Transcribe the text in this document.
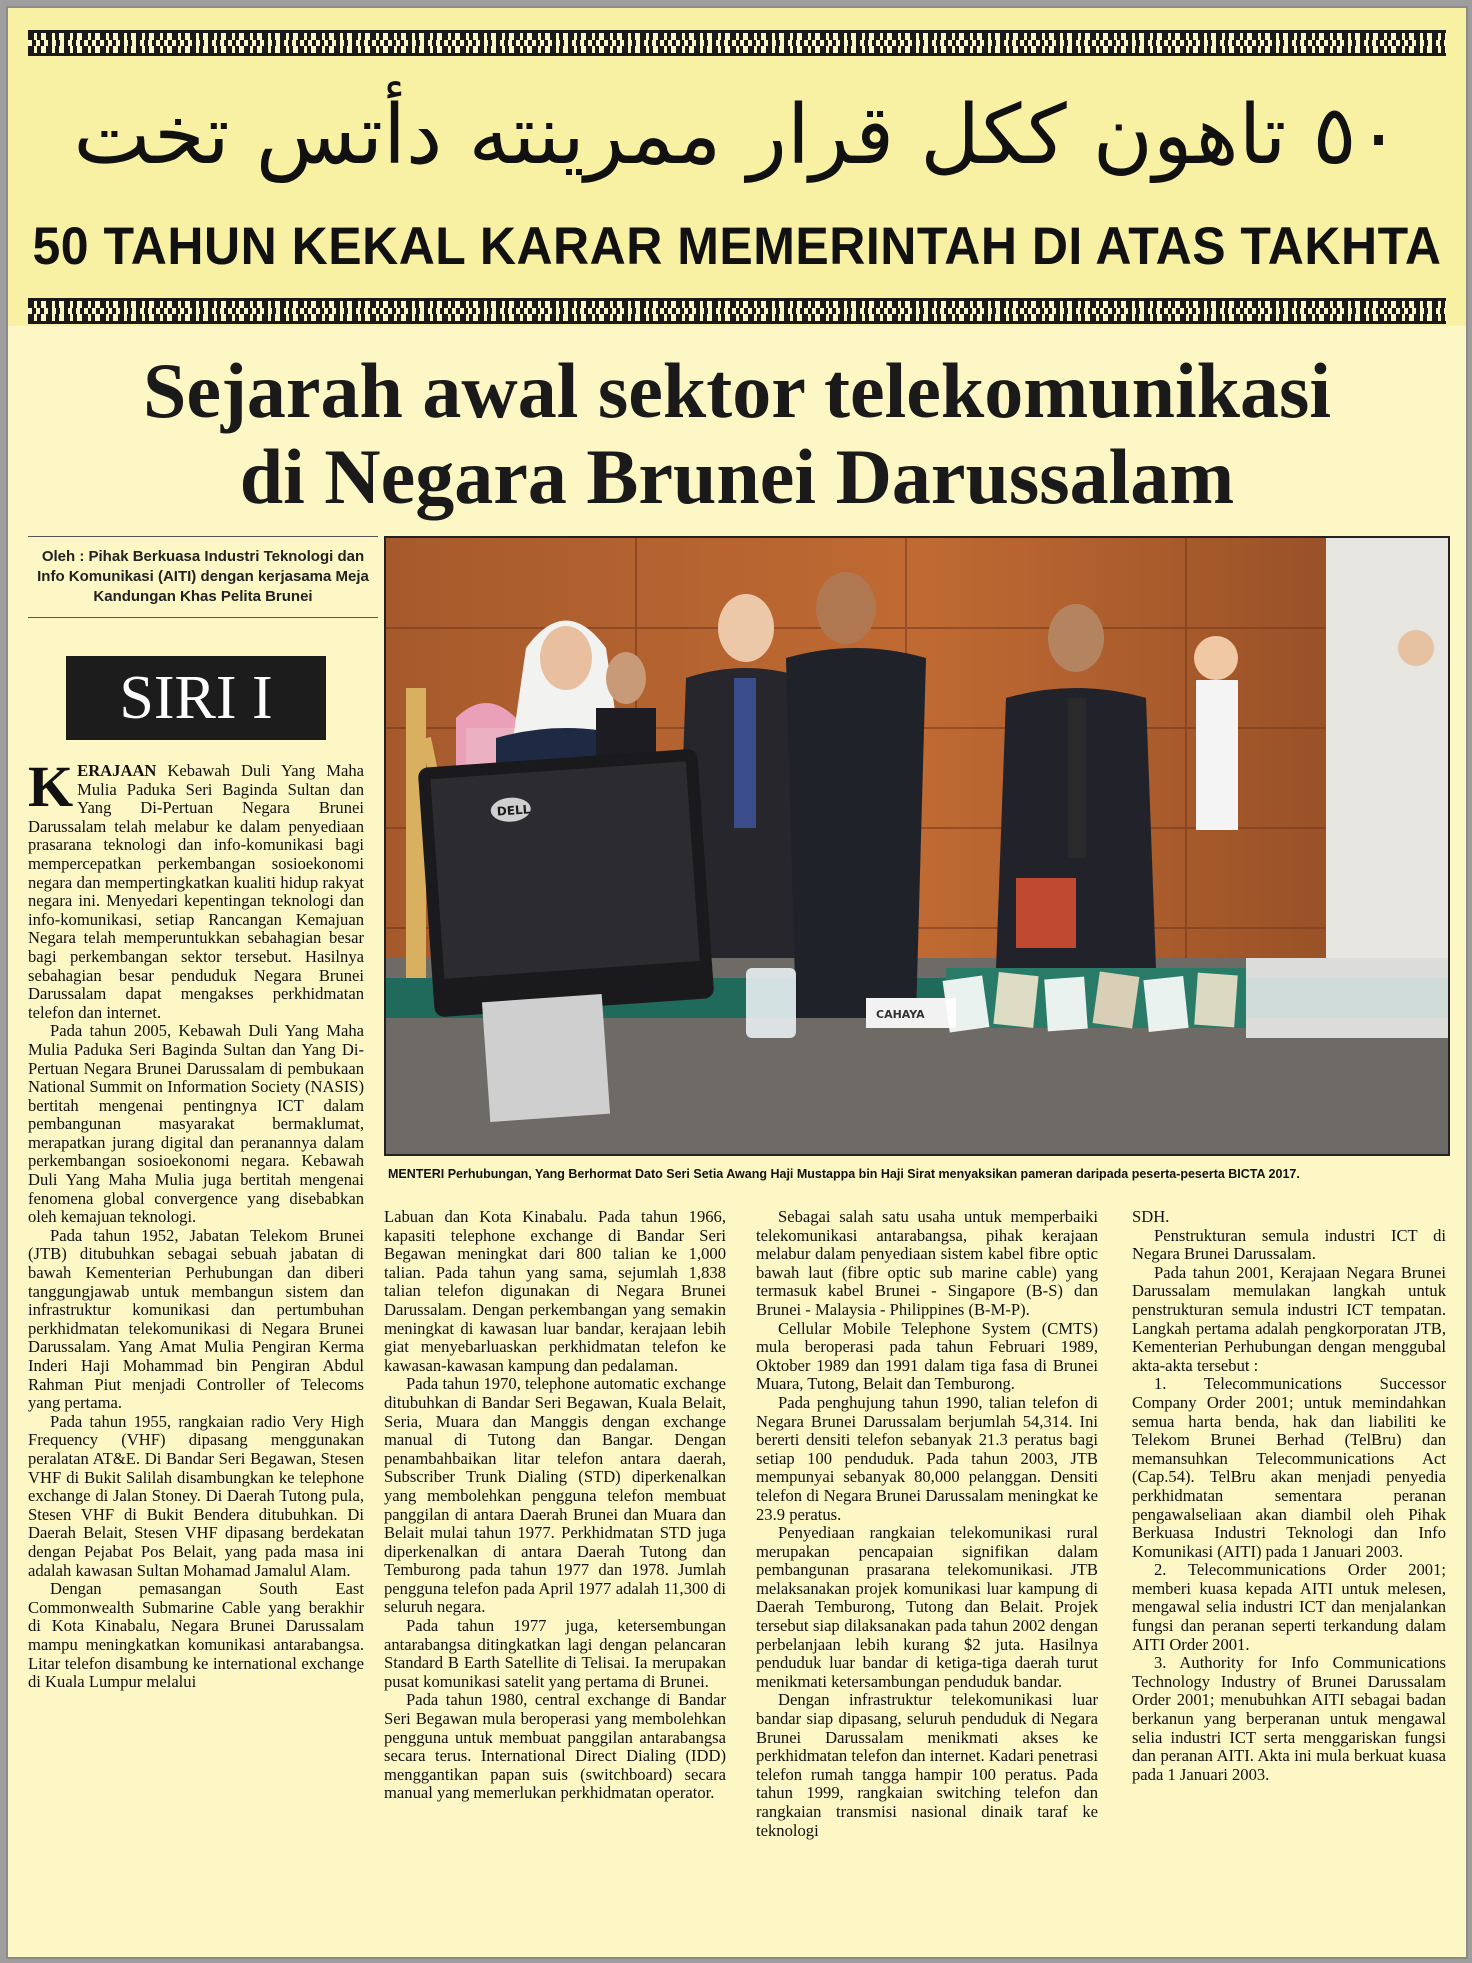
٥٠ تاهون ككل قرار ممرينته دأتس تخت
50 TAHUN KEKAL KARAR MEMERINTAH DI ATAS TAKHTA
Sejarah awal sektor telekomunikasi
di Negara Brunei Darussalam
Oleh : Pihak Berkuasa Industri Teknologi dan Info Komunikasi (AITI) dengan kerjasama Meja Kandungan Khas Pelita Brunei
SIRI I
DELL
CAHAYA
MENTERI Perhubungan, Yang Berhormat Dato Seri Setia Awang Haji Mustappa bin Haji Sirat menyaksikan pameran daripada peserta-peserta BICTA 2017.

KERAJAAN Kebawah Duli Yang Maha Mulia Paduka Seri Baginda Sultan dan Yang Di-Pertuan Negara Brunei Darussalam telah melabur ke dalam penyediaan prasarana teknologi dan info-komunikasi bagi mempercepatkan perkembangan sosioekonomi negara dan mempertingkatkan kualiti hidup rakyat negara ini. Menyedari kepentingan teknologi dan info-komunikasi, setiap Rancangan Kemajuan Negara telah memperuntukkan sebahagian besar bagi perkembangan sektor tersebut. Hasilnya sebahagian besar penduduk Negara Brunei Darussalam dapat mengakses perkhidmatan telefon dan internet.

Pada tahun 2005, Kebawah Duli Yang Maha Mulia Paduka Seri Baginda Sultan dan Yang Di-Pertuan Negara Brunei Darussalam di pembukaan National Summit on Information Society (NASIS) bertitah mengenai pentingnya ICT dalam pembangunan masyarakat bermaklumat, merapatkan jurang digital dan peranannya dalam perkembangan sosioekonomi negara. Kebawah Duli Yang Maha Mulia juga bertitah mengenai fenomena global convergence yang disebabkan oleh kemajuan teknologi.

Pada tahun 1952, Jabatan Telekom Brunei (JTB) ditubuhkan sebagai sebuah jabatan di bawah Kementerian Perhubungan dan diberi tanggungjawab untuk membangun sistem dan infrastruktur komunikasi dan pertumbuhan perkhidmatan telekomunikasi di Negara Brunei Darussalam. Yang Amat Mulia Pengiran Kerma Inderi Haji Mohammad bin Pengiran Abdul Rahman Piut menjadi Controller of Telecoms yang pertama.

Pada tahun 1955, rangkaian radio Very High Frequency (VHF) dipasang menggunakan peralatan AT&E. Di Bandar Seri Begawan, Stesen VHF di Bukit Salilah disambungkan ke telephone exchange di Jalan Stoney. Di Daerah Tutong pula, Stesen VHF di Bukit Bendera ditubuhkan. Di Daerah Belait, Stesen VHF dipasang berdekatan dengan Pejabat Pos Belait, yang pada masa ini adalah kawasan Sultan Mohamad Jamalul Alam.

Dengan pemasangan South East Commonwealth Submarine Cable yang berakhir di Kota Kinabalu, Negara Brunei Darussalam mampu meningkatkan komunikasi antarabangsa. Litar telefon disambung ke international exchange di Kuala Lumpur melalui

Labuan dan Kota Kinabalu. Pada tahun 1966, kapasiti telephone exchange di Bandar Seri Begawan meningkat dari 800 talian ke 1,000 talian. Pada tahun yang sama, sejumlah 1,838 talian telefon digunakan di Negara Brunei Darussalam. Dengan perkembangan yang semakin meningkat di kawasan luar bandar, kerajaan lebih giat menyebarluaskan perkhidmatan telefon ke kawasan-kawasan kampung dan pedalaman.

Pada tahun 1970, telephone automatic exchange ditubuhkan di Bandar Seri Begawan, Kuala Belait, Seria, Muara dan Manggis dengan exchange manual di Tutong dan Bangar. Dengan penambahbaikan litar telefon antara daerah, Subscriber Trunk Dialing (STD) diperkenalkan yang membolehkan pengguna telefon membuat panggilan di antara Daerah Brunei dan Muara dan Belait mulai tahun 1977. Perkhidmatan STD juga diperkenalkan di antara Daerah Tutong dan Temburong pada tahun 1977 dan 1978. Jumlah pengguna telefon pada April 1977 adalah 11,300 di seluruh negara.

Pada tahun 1977 juga, ketersembungan antarabangsa ditingkatkan lagi dengan pelancaran Standard B Earth Satellite di Telisai. Ia merupakan pusat komunikasi satelit yang pertama di Brunei.

Pada tahun 1980, central exchange di Bandar Seri Begawan mula beroperasi yang membolehkan pengguna untuk membuat panggilan antarabangsa secara terus. International Direct Dialing (IDD) menggantikan papan suis (switchboard) secara manual yang memerlukan perkhidmatan operator.

Sebagai salah satu usaha untuk memperbaiki telekomunikasi antarabangsa, pihak kerajaan melabur dalam penyediaan sistem kabel fibre optic bawah laut (fibre optic sub marine cable) yang termasuk kabel Brunei - Singapore (B-S) dan Brunei - Malaysia - Philippines (B-M-P).

Cellular Mobile Telephone System (CMTS) mula beroperasi pada tahun Februari 1989, Oktober 1989 dan 1991 dalam tiga fasa di Brunei Muara, Tutong, Belait dan Temburong.

Pada penghujung tahun 1990, talian telefon di Negara Brunei Darussalam berjumlah 54,314. Ini bererti densiti telefon sebanyak 21.3 peratus bagi setiap 100 penduduk. Pada tahun 2003, JTB mempunyai sebanyak 80,000 pelanggan. Densiti telefon di Negara Brunei Darussalam meningkat ke 23.9 peratus.

Penyediaan rangkaian telekomunikasi rural merupakan pencapaian signifikan dalam pembangunan prasarana telekomunikasi. JTB melaksanakan projek komunikasi luar kampung di Daerah Temburong, Tutong dan Belait. Projek tersebut siap dilaksanakan pada tahun 2002 dengan perbelanjaan lebih kurang $2 juta. Hasilnya penduduk luar bandar di ketiga-tiga daerah turut menikmati ketersambungan penduduk bandar.

Dengan infrastruktur telekomunikasi luar bandar siap dipasang, seluruh penduduk di Negara Brunei Darussalam menikmati akses ke perkhidmatan telefon dan internet. Kadari penetrasi telefon rumah tangga hampir 100 peratus. Pada tahun 1999, rangkaian switching telefon dan rangkaian transmisi nasional dinaik taraf ke teknologi

SDH.

Penstrukturan semula industri ICT di Negara Brunei Darussalam.

Pada tahun 2001, Kerajaan Negara Brunei Darussalam memulakan langkah untuk penstrukturan semula industri ICT tempatan. Langkah pertama adalah pengkorporatan JTB, Kementerian Perhubungan dengan menggubal akta-akta tersebut :

1. Telecommunications Successor Company Order 2001; untuk memindahkan semua harta benda, hak dan liabiliti ke Telekom Brunei Berhad (TelBru) dan memansuhkan Telecommunications Act (Cap.54). TelBru akan menjadi penyedia perkhidmatan sementara peranan pengawalseliaan akan diambil oleh Pihak Berkuasa Industri Teknologi dan Info Komunikasi (AITI) pada 1 Januari 2003.

2. Telecommunications Order 2001; memberi kuasa kepada AITI untuk melesen, mengawal selia industri ICT dan menjalankan fungsi dan peranan seperti terkandung dalam AITI Order 2001.

3. Authority for Info Communications Technology Industry of Brunei Darussalam Order 2001; menubuhkan AITI sebagai badan berkanun yang berperanan untuk mengawal selia industri ICT serta menggariskan fungsi dan peranan AITI. Akta ini mula berkuat kuasa pada 1 Januari 2003.
